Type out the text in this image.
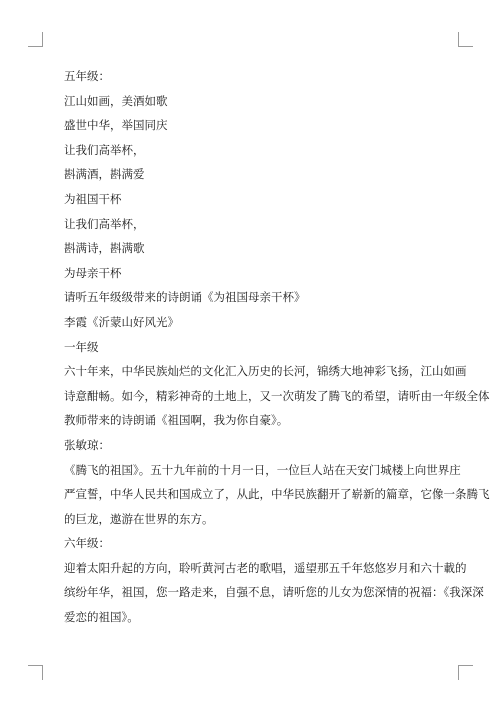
五年级：
江山如画，美酒如歌
盛世中华，举国同庆
让我们高举杯，
斟满酒，斟满爱
为祖国干杯
让我们高举杯，
斟满诗，斟满歌
为母亲干杯
请听五年级级带来的诗朗诵《为祖国母亲干杯》
李霞《沂蒙山好风光》
一年级
六十年来，中华民族灿烂的文化汇入历史的长河，锦绣大地神彩飞扬，江山如画
诗意酣畅。如今，精彩神奇的土地上，又一次萌发了腾飞的希望，请听由一年级全体
教师带来的诗朗诵《祖国啊，我为你自豪》。
张敏琼：
《腾飞的祖国》。五十九年前的十月一日，一位巨人站在天安门城楼上向世界庄
严宣誓，中华人民共和国成立了，从此，中华民族翻开了崭新的篇章，它像一条腾飞
的巨龙，遨游在世界的东方。
六年级：
迎着太阳升起的方向，聆听黄河古老的歌唱，遥望那五千年悠悠岁月和六十載的
缤纷年华，祖国，您一路走来，自强不息，请听您的儿女为您深情的祝福：《我深深
爱恋的祖国》。
